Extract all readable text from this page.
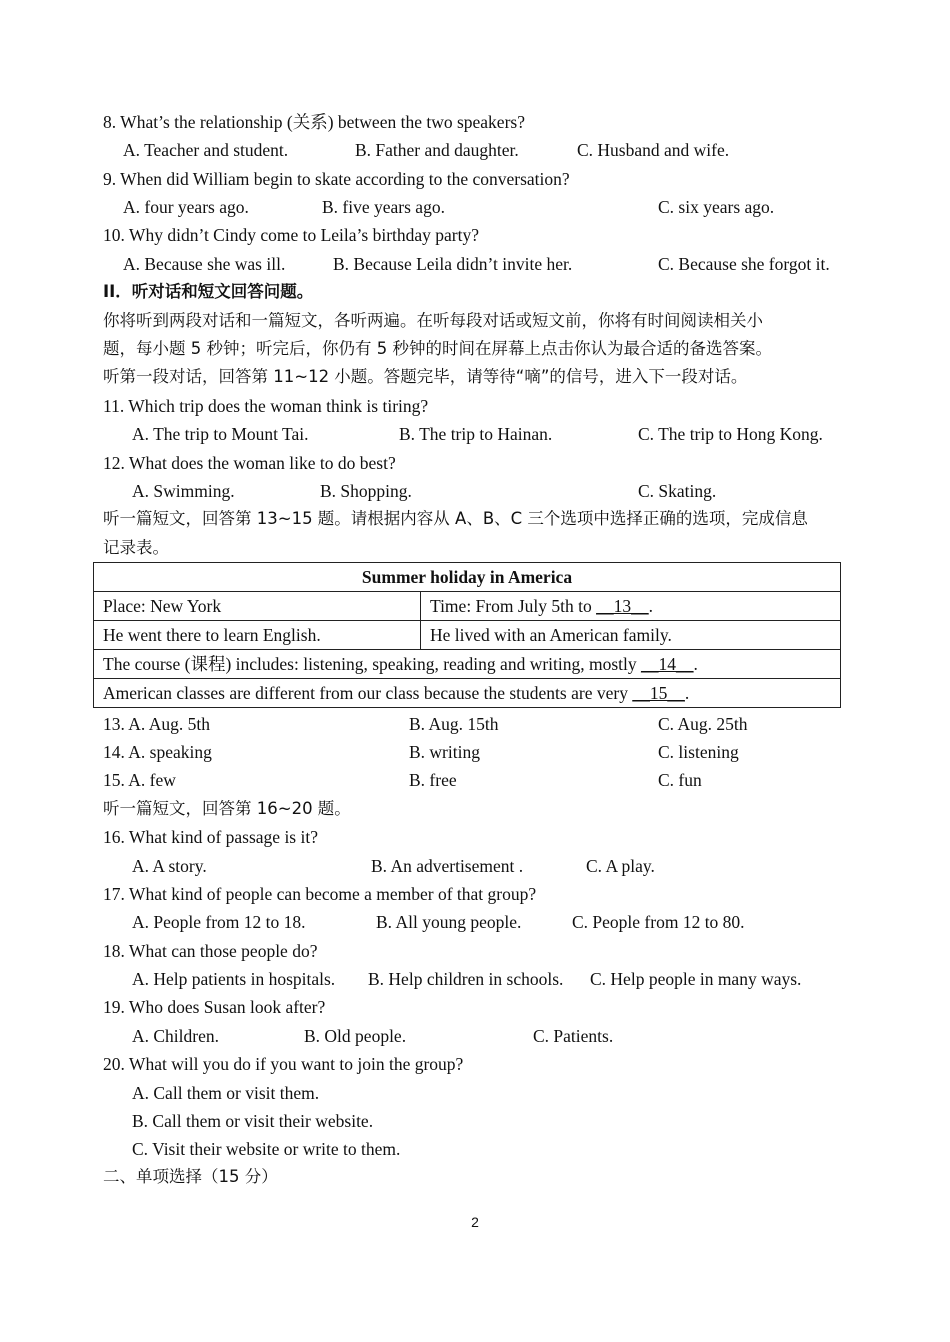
8. What’s the relationship (关系) between the two speakers?
A. Teacher and student.	B. Father and daughter.	C. Husband and wife.
9. When did William begin to skate according to the conversation?
A. four years ago.	B. five years ago.	C. six years ago.
10. Why didn’t Cindy come to Leila’s birthday party?
A. Because she was ill.	B. Because Leila didn’t invite her.	C. Because she forgot it.
II．听对话和短文回答问题。
你将听到两段对话和一篇短文，各听两遍。在听每段对话或短文前，你将有时间阅读相关小
题，每小题 5 秒钟；听完后，你仍有 5 秒钟的时间在屏幕上点击你认为最合适的备选答案。
听第一段对话，回答第 11~12 小题。答题完毕，请等待“嘀”的信号，进入下一段对话。
11. Which trip does the woman think is tiring?
A. The trip to Mount Tai.	B. The trip to Hainan.	C. The trip to Hong Kong.
12. What does the woman like to do best?
A. Swimming.	B. Shopping.	C. Skating.
听一篇短文，回答第 13~15 题。请根据内容从 A、B、C 三个选项中选择正确的选项，完成信息
记录表。
Summer holiday in America	
Place: New York	Time: From July 5th to __13__.
He went there to learn English.	He lived with an American family.
The course (课程) includes: listening, speaking, reading and writing, mostly __14__.	
American classes are different from our class because the students are very __15__.	
13. A. Aug. 5th	B. Aug. 15th	C. Aug. 25th
14. A. speaking	B. writing	C. listening
15. A. few	B. free	C. fun
听一篇短文，回答第 16~20 题。
16. What kind of passage is it?
A. A story.	B. An advertisement .	C. A play.
17. What kind of people can become a member of that group?
A. People from 12 to 18.	B. All young people.	C. People from 12 to 80.
18. What can those people do?
A. Help patients in hospitals. B. Help children in schools. C. Help people in many ways.
19. Who does Susan look after?
A. Children.	B. Old people.	C. Patients.
20. What will you do if you want to join the group?
A. Call them or visit them.
B. Call them or visit their website.
C. Visit their website or write to them.
二、单项选择（15 分）
2
